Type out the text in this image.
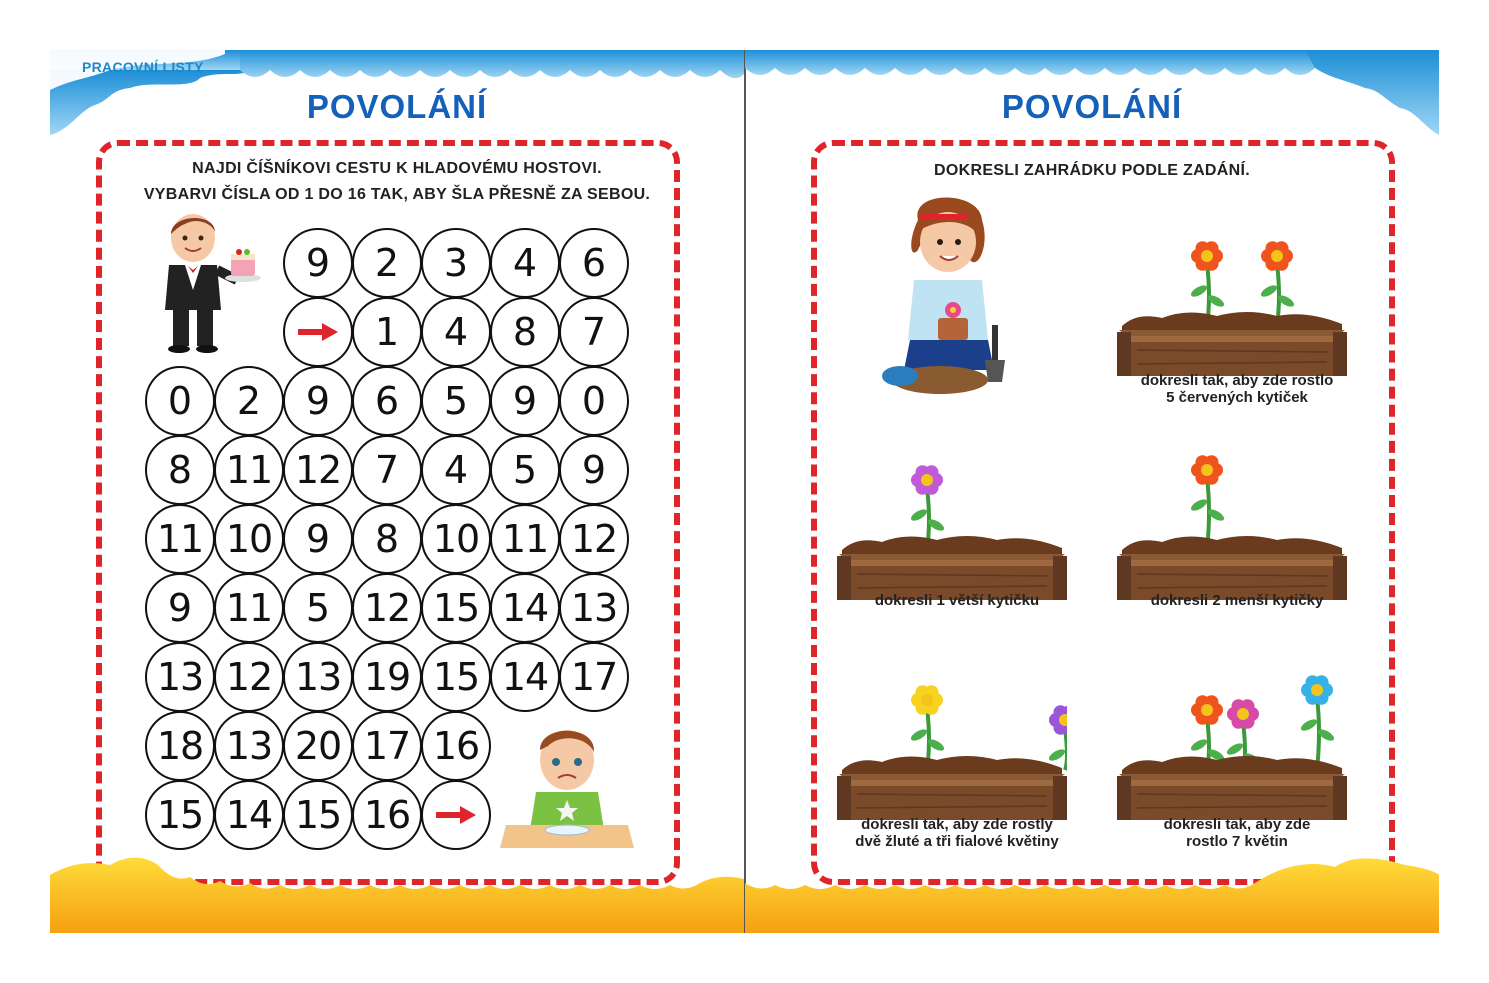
PRACOVNÍ LISTY
POVOLÁNÍ
NAJDI ČÍŠNÍKOVI CESTU K HLADOVÉMU HOSTOVI.
VYBARVI ČÍSLA OD 1 DO 16 TAK, ABY ŠLA PŘESNĚ ZA SEBOU.
9	2	3	4	6
1	4	8	7
0	2	9	6	5	9	0
8 11 12 7	4	5	9
11 10 9	8 10 11 12
9 11 5 12 15 14 13
13 12 13 19 15 14 17
18 13 20 17 16
15 14 15 16
POVOLÁNÍ
DOKRESLI ZAHRÁDKU PODLE ZADÁNÍ.
dokresli tak, aby zde rostlo
5 červených kytiček
dokresli 1 větší kytičku	dokresli 2 menší kytičky
dokresli tak, aby zde rostly
dvě žluté a tři fialové květiny
dokresli tak, aby zde
rostlo 7 květin
